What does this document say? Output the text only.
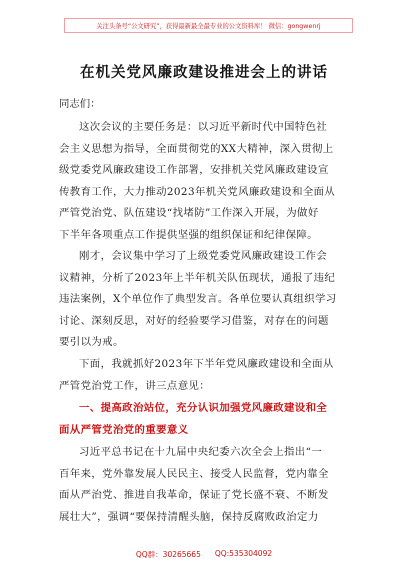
关注头条号“公文研究”，获得最新最全最专业的公文资料库！ 微信：gongwenrj
在机关党风廉政建设推进会上的讲话
同志们：
这次会议的主要任务是：以习近平新时代中国特色社
会主义思想为指导，全面贯彻党的XX大精神，深入贯彻上
级党委党风廉政建设工作部署，安排机关党风廉政建设宣
传教育工作，大力推动2023年机关党风廉政建设和全面从
严管党治党、队伍建设“找堵防”工作深入开展，为做好
下半年各项重点工作提供坚强的组织保证和纪律保障。
刚才，会议集中学习了上级党委党风廉政建设工作会
议精神，分析了2023年上半年机关队伍现状，通报了违纪
违法案例，X个单位作了典型发言。各单位要认真组织学习
讨论、深刻反思，对好的经验要学习借鉴，对存在的问题
要引以为戒。
下面，我就抓好2023年下半年党风廉政建设和全面从
严管党治党工作，讲三点意见：
一、提高政治站位，充分认识加强党风廉政建设和全
面从严管党治党的重要意义
习近平总书记在十九届中央纪委六次全会上指出“一
百年来，党外靠发展人民民主、接受人民监督，党内靠全
面从严治党、推进自我革命，保证了党长盛不衰、不断发
展壮大”，强调“要保持清醒头脑，保持反腐败政治定力
QQ群：30265665 QQ:535304092
